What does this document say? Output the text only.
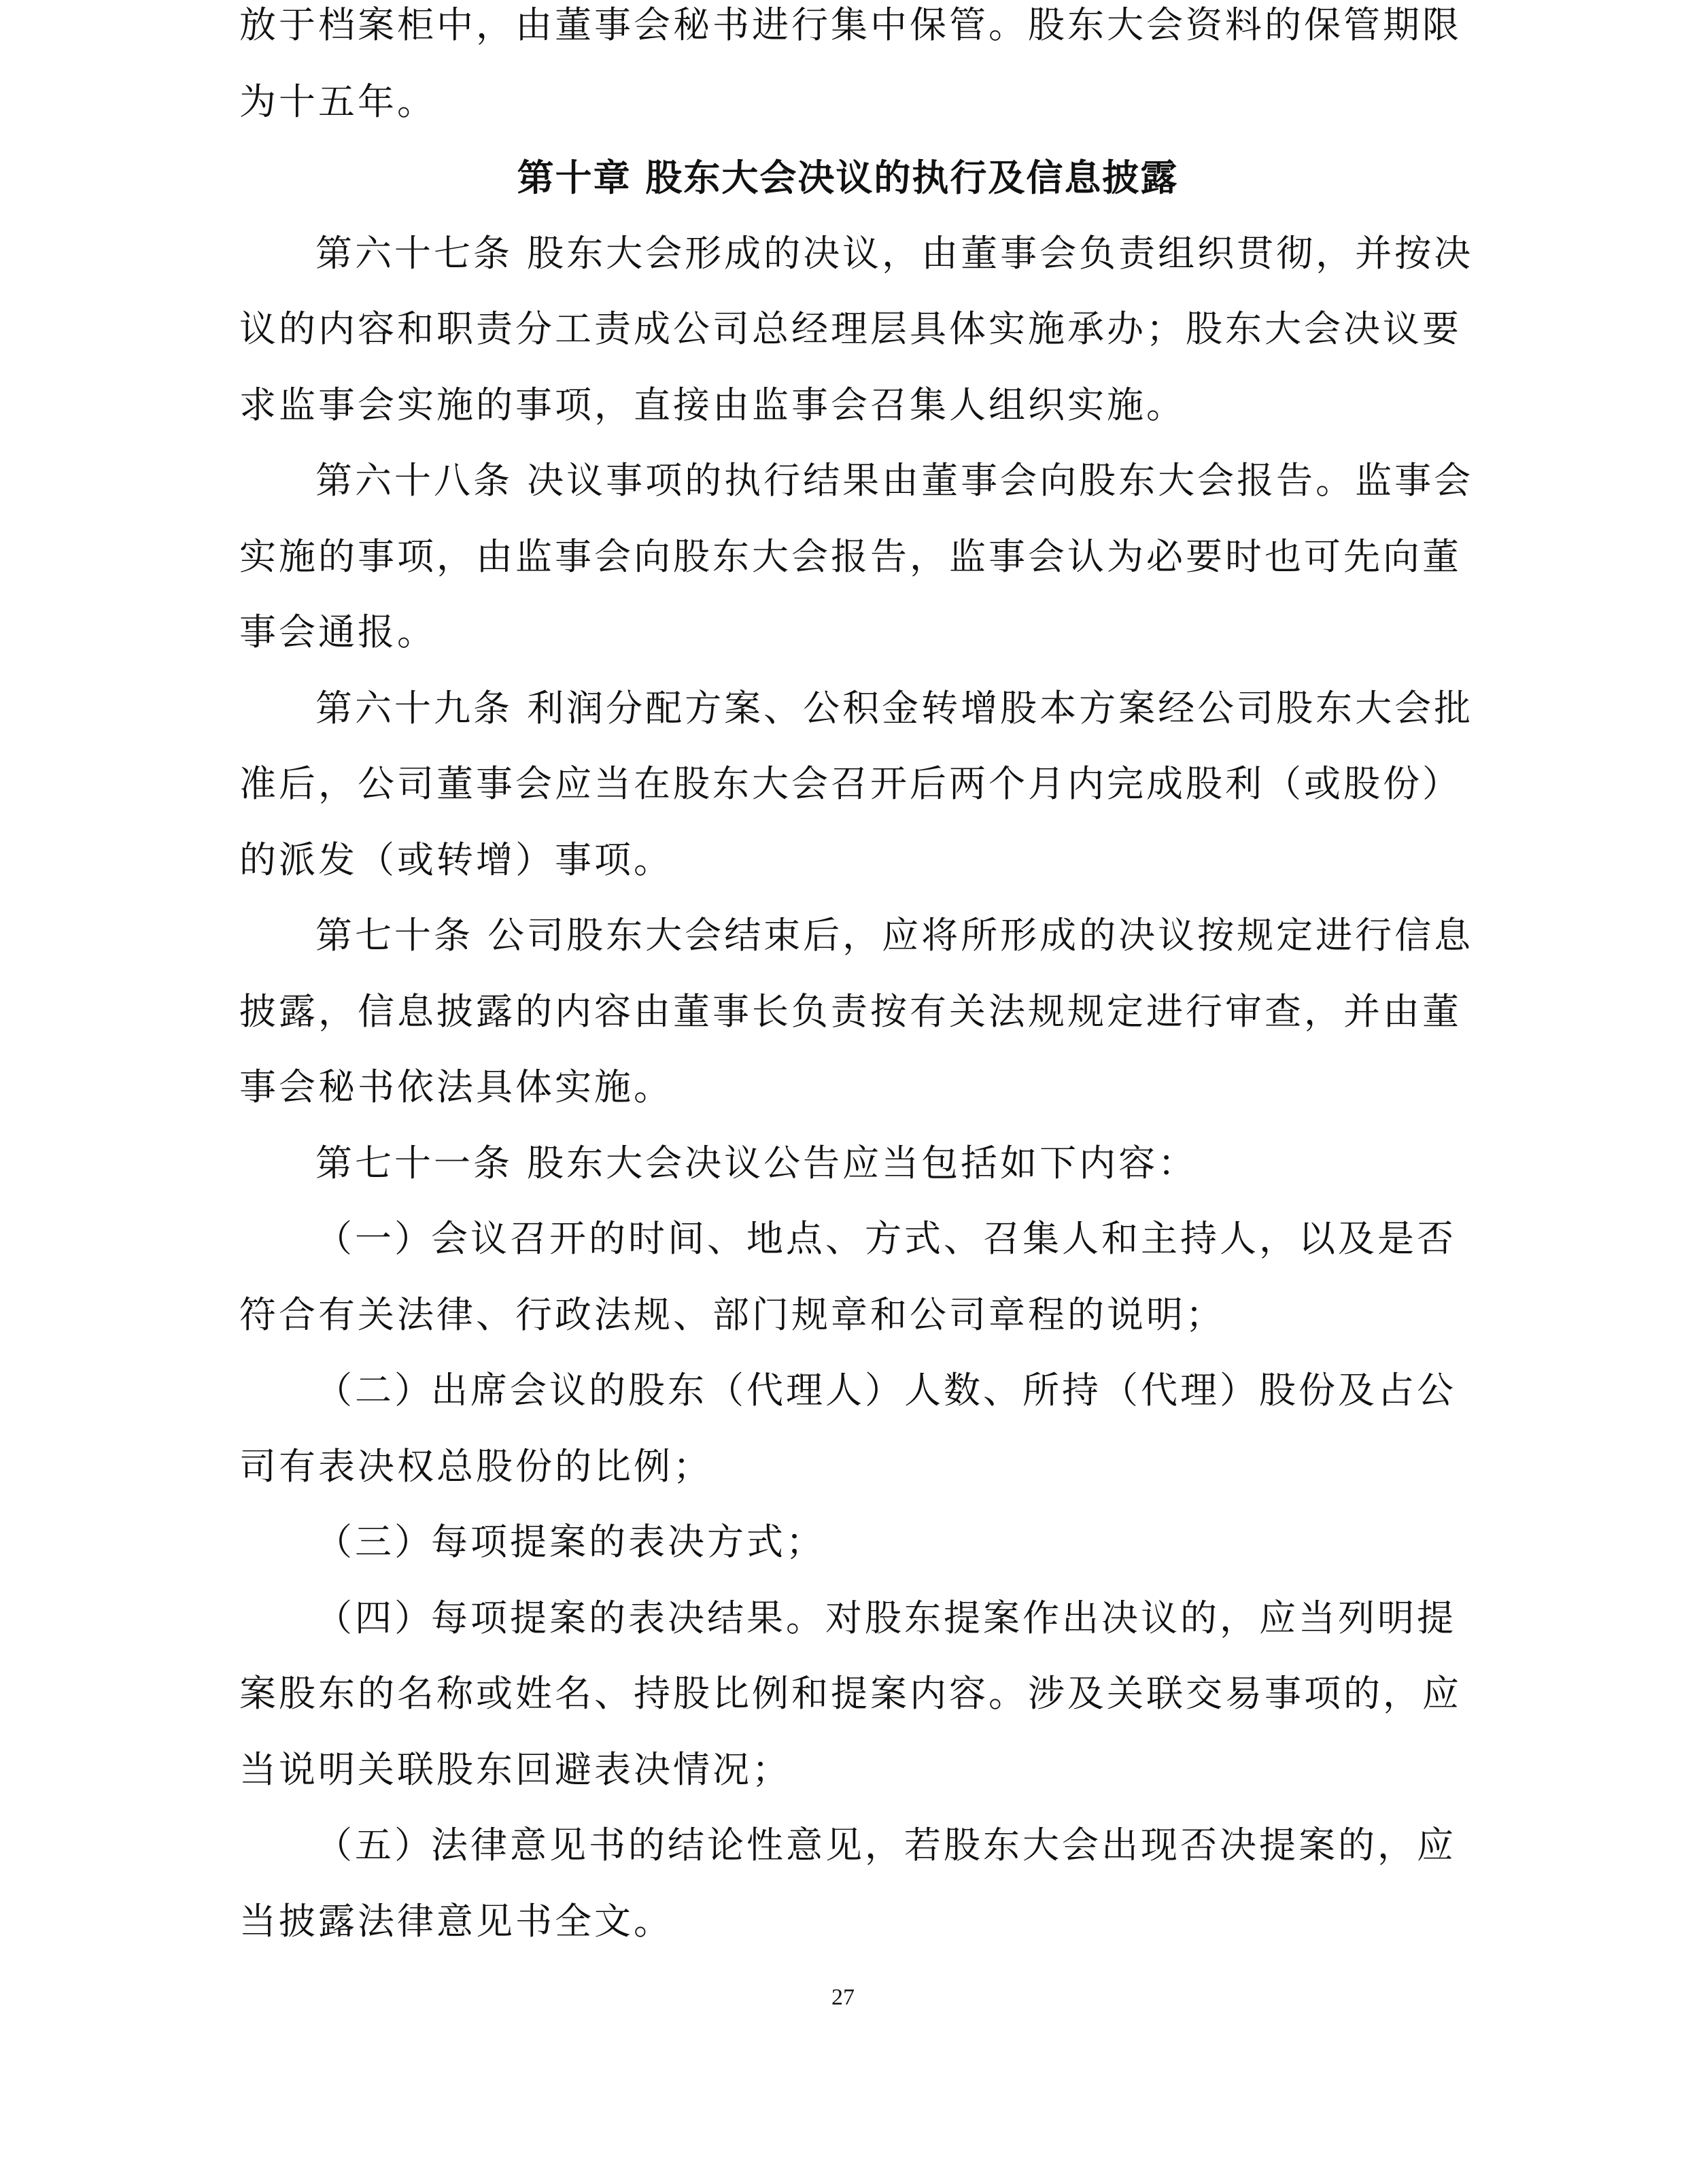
放于档案柜中，由董事会秘书进行集中保管。股东大会资料的保管期限
为十五年。
第十章 股东大会决议的执行及信息披露
第六十七条 股东大会形成的决议，由董事会负责组织贯彻，并按决
议的内容和职责分工责成公司总经理层具体实施承办；股东大会决议要
求监事会实施的事项，直接由监事会召集人组织实施。
第六十八条 决议事项的执行结果由董事会向股东大会报告。监事会
实施的事项，由监事会向股东大会报告，监事会认为必要时也可先向董
事会通报。
第六十九条 利润分配方案、公积金转增股本方案经公司股东大会批
准后，公司董事会应当在股东大会召开后两个月内完成股利（或股份）
的派发（或转增）事项。
第七十条 公司股东大会结束后，应将所形成的决议按规定进行信息
披露，信息披露的内容由董事长负责按有关法规规定进行审查，并由董
事会秘书依法具体实施。
第七十一条 股东大会决议公告应当包括如下内容：
（一）会议召开的时间、地点、方式、召集人和主持人，以及是否
符合有关法律、行政法规、部门规章和公司章程的说明；
（二）出席会议的股东（代理人）人数、所持（代理）股份及占公
司有表决权总股份的比例；
（三）每项提案的表决方式；
（四）每项提案的表决结果。对股东提案作出决议的，应当列明提
案股东的名称或姓名、持股比例和提案内容。涉及关联交易事项的，应
当说明关联股东回避表决情况；
（五）法律意见书的结论性意见，若股东大会出现否决提案的，应
当披露法律意见书全文。
27
